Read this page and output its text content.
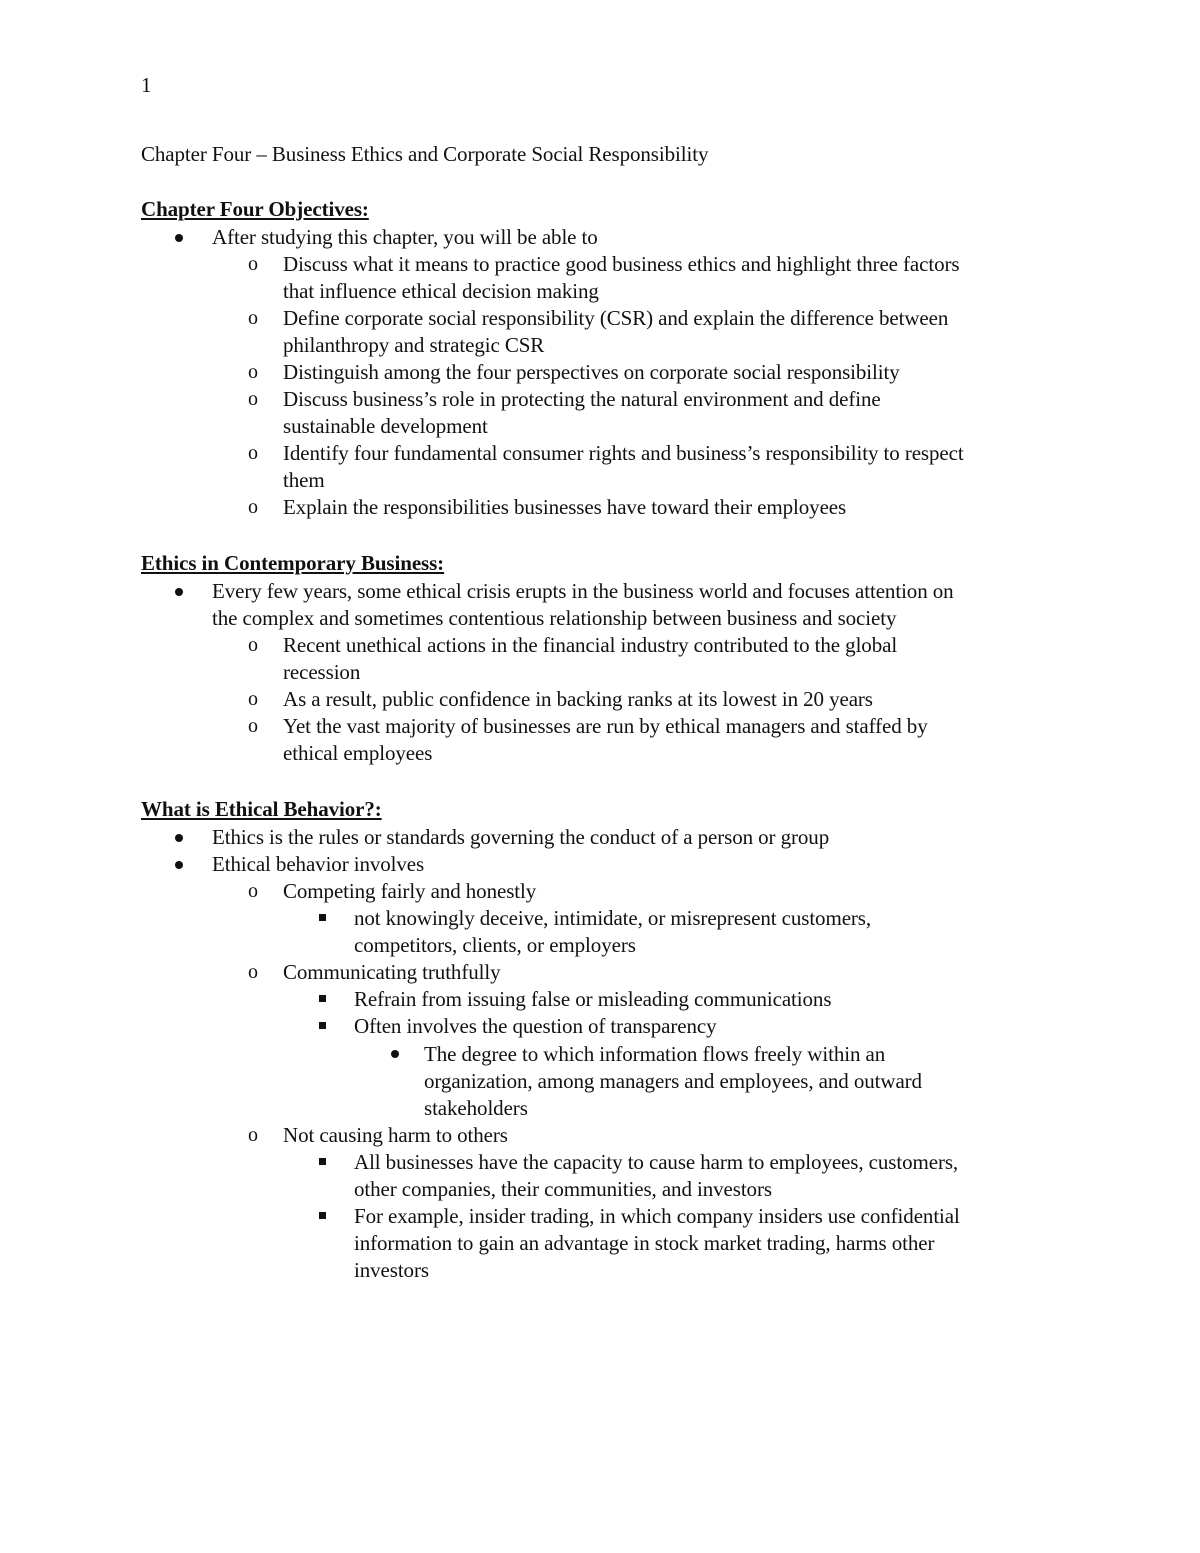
1
Chapter Four – Business Ethics and Corporate Social Responsibility
Chapter Four Objectives:
After studying this chapter, you will be able to
o Discuss what it means to practice good business ethics and highlight three factors
that influence ethical decision making
o Define corporate social responsibility (CSR) and explain the difference between
philanthropy and strategic CSR
o Distinguish among the four perspectives on corporate social responsibility
o Discuss business’s role in protecting the natural environment and define
sustainable development
o Identify four fundamental consumer rights and business’s responsibility to respect
them
o Explain the responsibilities businesses have toward their employees
Ethics in Contemporary Business:
Every few years, some ethical crisis erupts in the business world and focuses attention on
the complex and sometimes contentious relationship between business and society
o Recent unethical actions in the financial industry contributed to the global
recession
o As a result, public confidence in backing ranks at its lowest in 20 years
o Yet the vast majority of businesses are run by ethical managers and staffed by
ethical employees
What is Ethical Behavior?:
Ethics is the rules or standards governing the conduct of a person or group
Ethical behavior involves
o Competing fairly and honestly
not knowingly deceive, intimidate, or misrepresent customers,
competitors, clients, or employers
o Communicating truthfully
Refrain from issuing false or misleading communications
Often involves the question of transparency
The degree to which information flows freely within an
organization, among managers and employees, and outward
stakeholders
o Not causing harm to others
All businesses have the capacity to cause harm to employees, customers,
other companies, their communities, and investors
For example, insider trading, in which company insiders use confidential
information to gain an advantage in stock market trading, harms other
investors
